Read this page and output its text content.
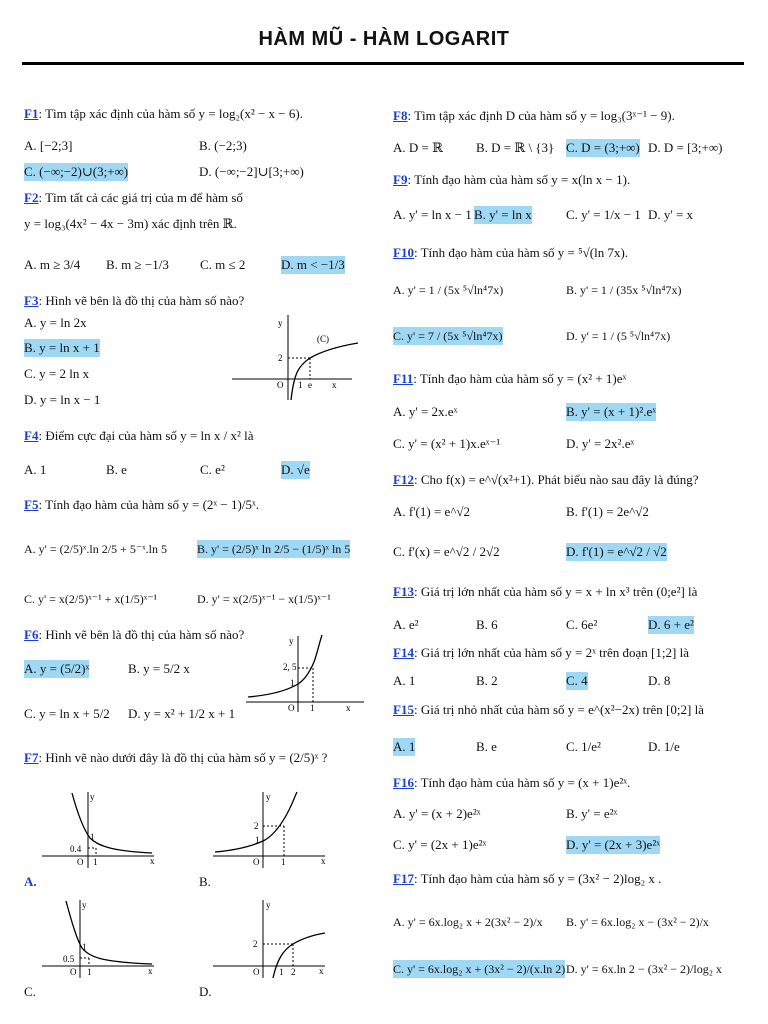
HÀM MŨ - HÀM LOGARIT
F1: Tìm tập xác định của hàm số y = log₂(x² − x − 6).
A. [−2;3]	B. (−2;3)
C. (−∞;−2)∪(3;+∞)	D. (−∞;−2]∪[3;+∞)
F2: Tìm tất cả các giá trị của m để hàm số
y = log₃(4x² − 4x − 3m) xác định trên ℝ.
A. m ≥ 3/4 B. m ≥ −1/3 C. m ≤ 2	D. m < −1/3
F3: Hình vẽ bên là đồ thị của hàm số nào?
A. y = ln 2x
B. y = ln x + 1
C. y = 2 ln x
D. y = ln x − 1
(C)
2
1 e
O	x
y
F4: Điểm cực đại của hàm số y = ln x / x² là
A. 1	B. e	C. e²	D. √e
F5: Tính đạo hàm của hàm số y = (2ˣ − 1)/5ˣ.
A. y' = (2/5)ˣ.ln 2/5 + 5⁻ˣ.ln 5	B. y' = (2/5)ˣ ln 2/5 − (1/5)ˣ ln 5
C. y' = x(2/5)ˣ⁻¹ + x(1/5)ˣ⁻¹	D. y' = x(2/5)ˣ⁻¹ − x(1/5)ˣ⁻¹
F6: Hình vẽ bên là đồ thị của hàm số nào?
A. y = (5/2)ˣ	B. y = 5/2 x
C. y = ln x + 5/2 D. y = x² + 1/2 x + 1
2, 5
1
1
O	x
y
F7: Hình vẽ nào dưới đây là đồ thị của hàm số y = (2/5)ˣ ?
0.4
1
1
O	x
y
A.
2
1
1
O	x
y
B.
0.5
1
1
O	x
y
C.
2
1 2
O	x
y
D.
F8: Tìm tập xác định D của hàm số y = log₃(3ˣ⁻¹ − 9).
A. D = ℝ	B. D = ℝ \ {3} C. D = (3;+∞) D. D = [3;+∞)
F9: Tính đạo hàm của hàm số y = x(ln x − 1).
A. y' = ln x − 1 B. y' = ln x	C. y' = 1/x − 1 D. y' = x
F10: Tính đạo hàm của hàm số y = ⁵√(ln 7x).
A. y' = 1 / (5x ⁵√ln⁴7x)	B. y' = 1 / (35x ⁵√ln⁴7x)
C. y' = 7 / (5x ⁵√ln⁴7x)	D. y' = 1 / (5 ⁵√ln⁴7x)
F11: Tính đạo hàm của hàm số y = (x² + 1)eˣ
A. y' = 2x.eˣ	B. y' = (x + 1)².eˣ
C. y' = (x² + 1)x.eˣ⁻¹	D. y' = 2x².eˣ
F12: Cho f(x) = e^√(x²+1). Phát biểu nào sau đây là đúng?
A. f'(1) = e^√2	B. f'(1) = 2e^√2
C. f'(x) = e^√2 / 2√2	D. f'(1) = e^√2 / √2
F13: Giá trị lớn nhất của hàm số y = x + ln x³ trên (0;e²] là
A. e²	B. 6	C. 6e²	D. 6 + e²
F14: Giá trị lớn nhất của hàm số y = 2ˣ trên đoạn [1;2] là
A. 1	B. 2	C. 4	D. 8
F15: Giá trị nhỏ nhất của hàm số y = e^(x²−2x) trên [0;2] là
A. 1	B. e	C. 1/e²	D. 1/e
F16: Tính đạo hàm của hàm số y = (x + 1)e²ˣ.
A. y' = (x + 2)e²ˣ	B. y' = e²ˣ
C. y' = (2x + 1)e²ˣ	D. y' = (2x + 3)e²ˣ
F17: Tính đạo hàm của hàm số y = (3x² − 2)log₂ x .
A. y' = 6x.log₂ x + 2(3x² − 2)/x B. y' = 6x.log₂ x − (3x² − 2)/x
C. y' = 6x.log₂ x + (3x² − 2)/(x.ln 2) D. y' = 6x.ln 2 − (3x² − 2)/log₂ x
